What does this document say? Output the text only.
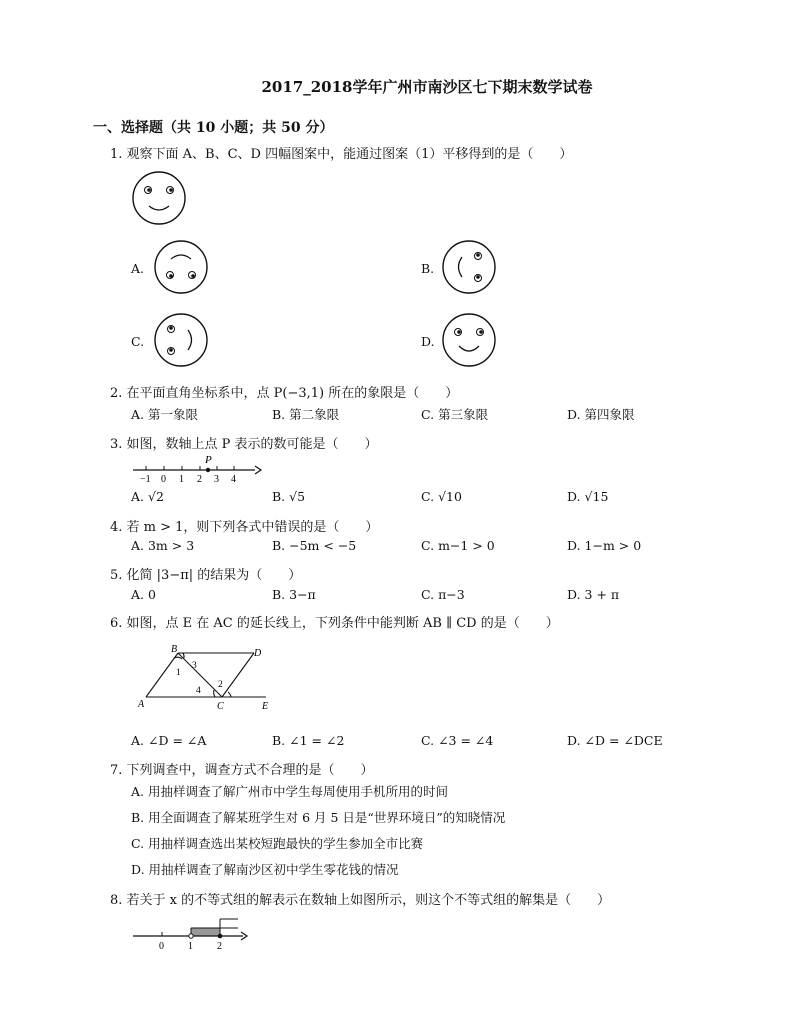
2017_2018学年广州市南沙区七下期末数学试卷
一、选择题（共 10 小题；共 50 分）
1. 观察下面 A、B、C、D 四幅图案中，能通过图案（1）平移得到的是（　　）
A.	B.
C.	D.
2. 在平面直角坐标系中，点 P(−3,1) 所在的象限是（　　）
A. 第一象限	B. 第二象限	C. 第三象限	D. 第四象限
3. 如图，数轴上点 P 表示的数可能是（　　）
P
−1 0 1 2 3 4
A. √2	B. √5	C. √10	D. √15
4. 若 m > 1，则下列各式中错误的是（　　）
A. 3m > 3	B. −5m < −5	C. m−1 > 0	D. 1−m > 0
5. 化简 |3−π| 的结果为（　　）
A. 0	B. 3−π	C. π−3	D. 3 + π
6. 如图，点 E 在 AC 的延长线上，下列条件中能判断 AB ∥ CD 的是（　　）
B	D
A	C	E
1
2
3
4
A. ∠D = ∠A	B. ∠1 = ∠2	C. ∠3 = ∠4	D. ∠D = ∠DCE
7. 下列调查中，调查方式不合理的是（　　）
A. 用抽样调查了解广州市中学生每周使用手机所用的时间
B. 用全面调查了解某班学生对 6 月 5 日是“世界环境日”的知晓情况
C. 用抽样调查选出某校短跑最快的学生参加全市比赛
D. 用抽样调查了解南沙区初中学生零花钱的情况
8. 若关于 x 的不等式组的解表示在数轴上如图所示，则这个不等式组的解集是（　　）
0 1 2
